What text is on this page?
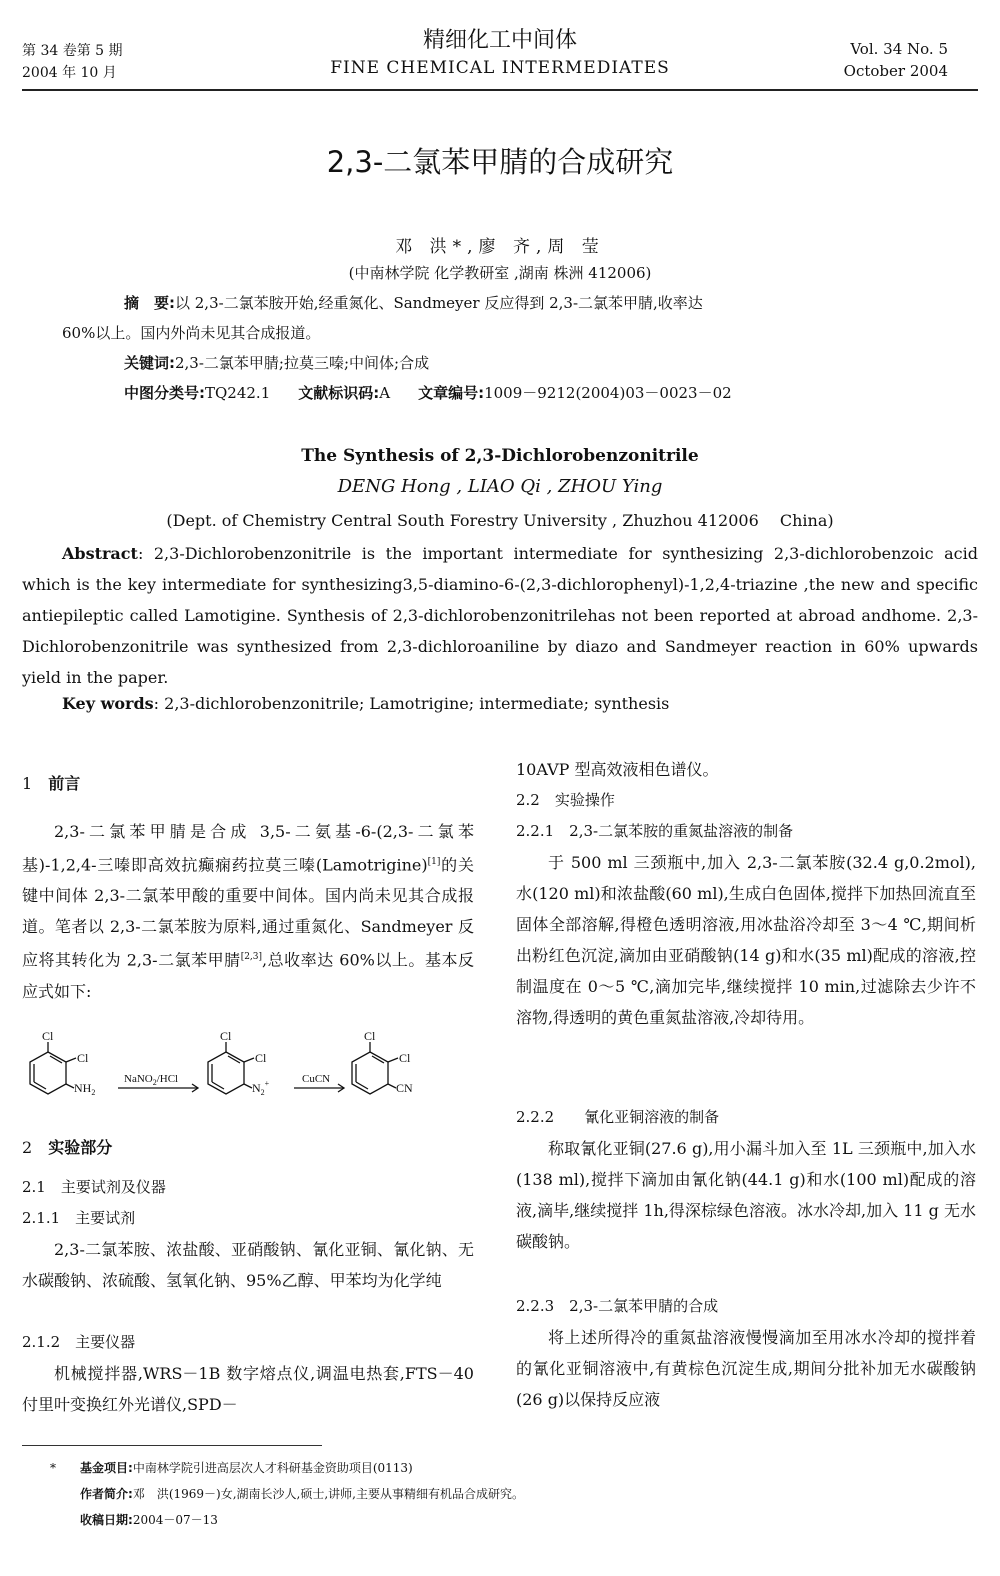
第 34 卷第 5 期
2004 年 10 月
精细化工中间体
FINE CHEMICAL INTERMEDIATES
Vol. 34 No. 5
October 2004
2,3-二氯苯甲腈的合成研究
邓 洪*,廖 齐,周 莹
(中南林学院 化学教研室 ,湖南 株洲 412006)
摘　要:以 2,3-二氯苯胺开始,经重氮化、Sandmeyer 反应得到 2,3-二氯苯甲腈,收率达
60%以上。国内外尚未见其合成报道。
关键词:2,3-二氯苯甲腈;拉莫三嗪;中间体;合成
中图分类号:TQ242.1 文献标识码:A 文章编号:1009－9212(2004)03－0023－02
The Synthesis of 2,3-Dichlorobenzonitrile
DENG Hong , LIAO Qi , ZHOU Ying
(Dept. of Chemistry Central South Forestry University , Zhuzhou 412006　 China)
Abstract: 2,3-Dichlorobenzonitrile is the important intermediate for synthesizing 2,3-dichlorobenzoic acid which is the key intermediate for synthesizing3,5-diamino-6-(2,3-dichlorophenyl)-1,2,4-triazine ,the new and specific antiepileptic called Lamotigine. Synthesis of 2,3-dichlorobenzonitrilehas not been reported at abroad andhome. 2,3-Dichlorobenzonitrile was synthesized from 2,3-dichloroaniline by diazo and Sandmeyer reaction in 60% upwards yield in the paper.
Key words: 2,3-dichlorobenzonitrile; Lamotrigine; intermediate; synthesis
1　 前言
2,3-二氯苯甲腈是合成 3,5-二氨基-6-(2,3-二氯苯基)-1,2,4-三嗪即高效抗癫痫药拉莫三嗪(Lamotrigine)[1]的关键中间体 2,3-二氯苯甲酸的重要中间体。国内尚未见其合成报道。笔者以 2,3-二氯苯胺为原料,通过重氮化、Sandmeyer 反应将其转化为 2,3-二氯苯甲腈[2,3],总收率达 60%以上。基本反应式如下:
Cl
Cl
$NH_2$
NaNO$_2$/HCl
Cl
Cl
$N_2^+$	CuCN
Cl
Cl
CN
2　 实验部分
2.1　主要试剂及仪器
2.1.1　主要试剂
2,3-二氯苯胺、浓盐酸、亚硝酸钠、氰化亚铜、氰化钠、无水碳酸钠、浓硫酸、氢氧化钠、95%乙醇、甲苯均为化学纯
2.1.2　主要仪器
机械搅拌器,WRS－1B 数字熔点仪,调温电热套,FTS－40 付里叶变换红外光谱仪,SPD－
10AVP 型高效液相色谱仪。
2.2　实验操作
2.2.1　2,3-二氯苯胺的重氮盐溶液的制备
于 500 ml 三颈瓶中,加入 2,3-二氯苯胺(32.4 g,0.2mol),水(120 ml)和浓盐酸(60 ml),生成白色固体,搅拌下加热回流直至固体全部溶解,得橙色透明溶液,用冰盐浴冷却至 3～4 ℃,期间析出粉红色沉淀,滴加由亚硝酸钠(14 g)和水(35 ml)配成的溶液,控制温度在 0～5 ℃,滴加完毕,继续搅拌 10 min,过滤除去少许不溶物,得透明的黄色重氮盐溶液,冷却待用。
2.2.2　　氰化亚铜溶液的制备
称取氰化亚铜(27.6 g),用小漏斗加入至 1L 三颈瓶中,加入水(138 ml),搅拌下滴加由氰化钠(44.1 g)和水(100 ml)配成的溶液,滴毕,继续搅拌 1h,得深棕绿色溶液。冰水冷却,加入 11 g 无水碳酸钠。
2.2.3　2,3-二氯苯甲腈的合成
将上述所得冷的重氮盐溶液慢慢滴加至用冰水冷却的搅拌着的氰化亚铜溶液中,有黄棕色沉淀生成,期间分批补加无水碳酸钠(26 g)以保持反应液
* 基金项目:中南林学院引进高层次人才科研基金资助项目(0113)
作者简介:邓　洪(1969－)女,湖南长沙人,硕士,讲师,主要从事精细有机品合成研究。
收稿日期:2004－07－13
